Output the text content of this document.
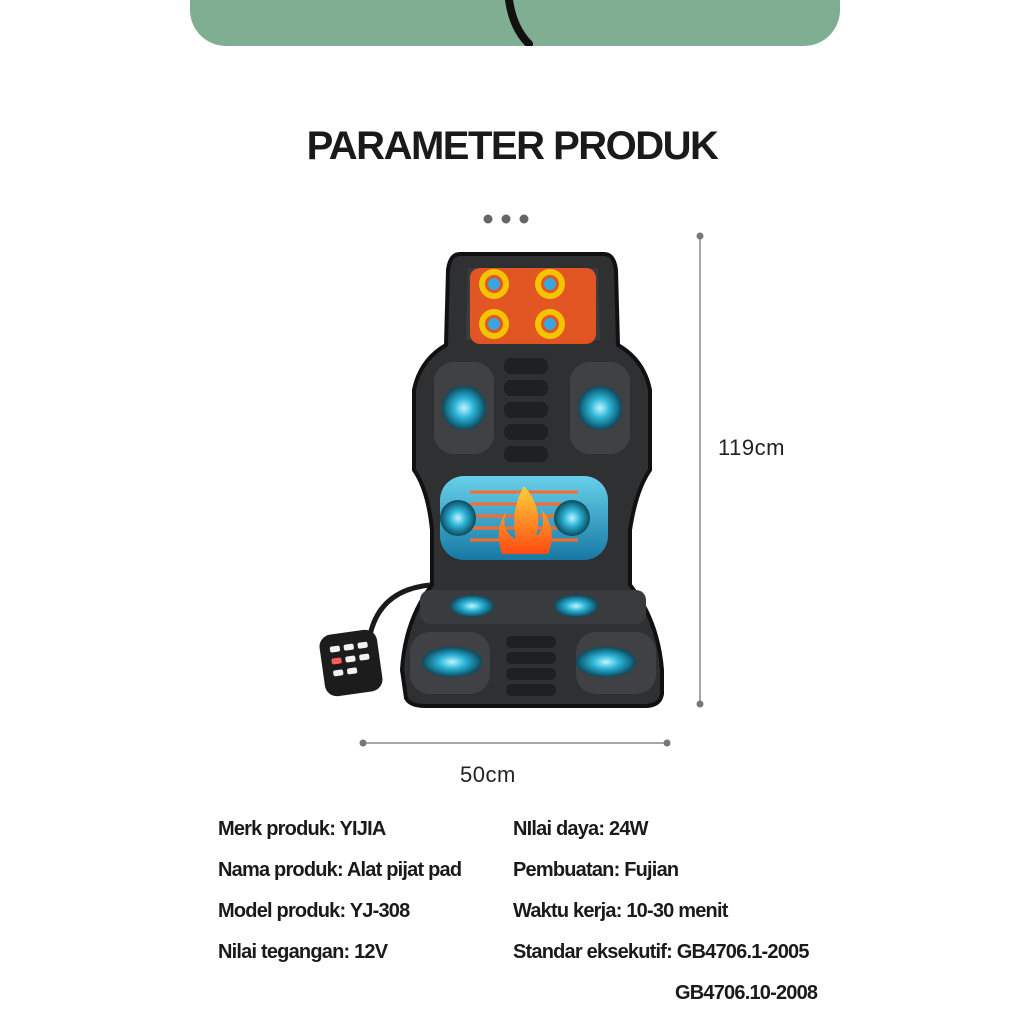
PARAMETER PRODUK
119cm
50cm
Merk produk: YIJIA
Nama produk: Alat pijat pad
Model produk: YJ-308
Nilai tegangan: 12V
NIlai daya: 24W
Pembuatan: Fujian
Waktu kerja: 10-30 menit
Standar eksekutif: GB4706.1-2005
GB4706.10-2008
